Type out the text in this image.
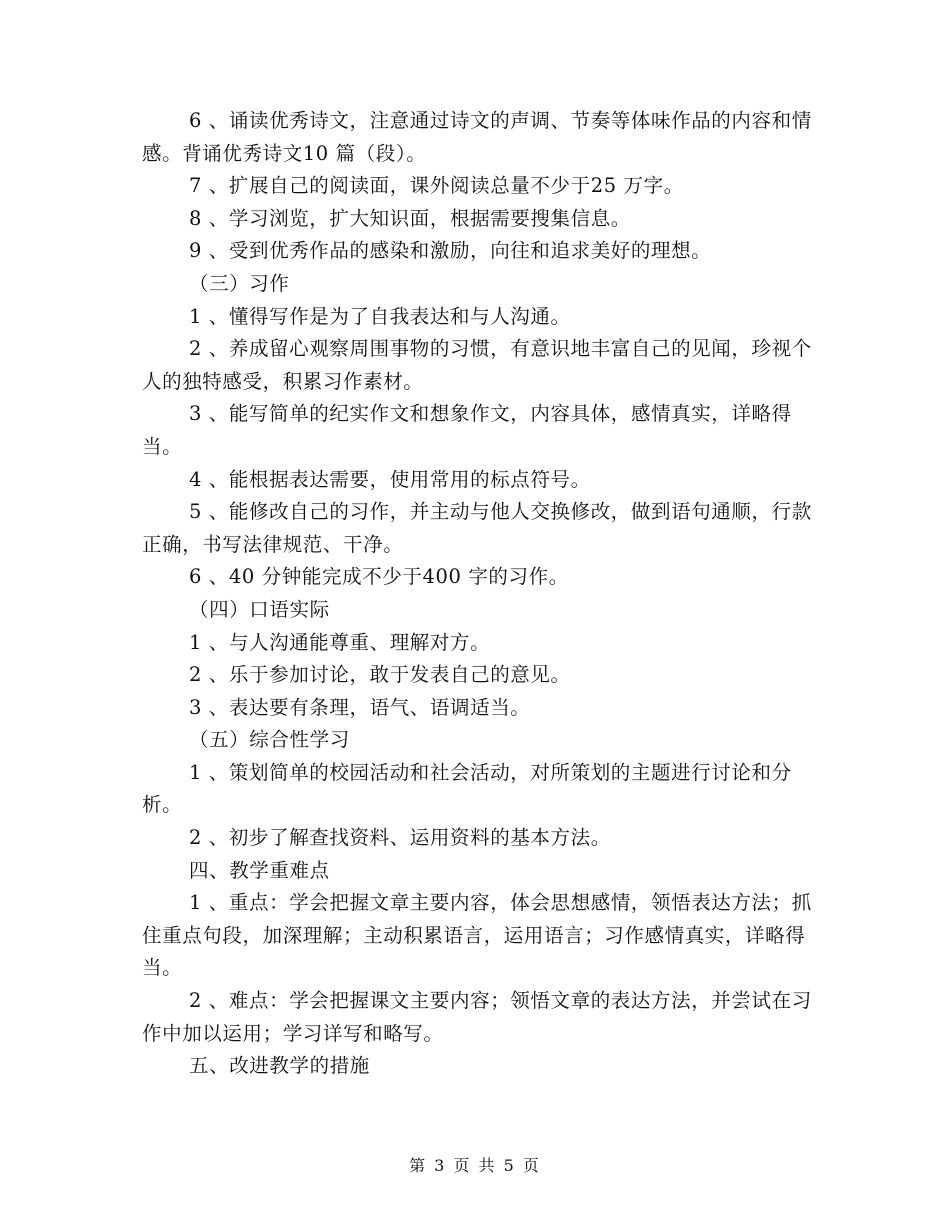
6 、诵读优秀诗文，注意通过诗文的声调、节奏等体味作品的内容和情感。背诵优秀诗文10 篇（段）。

7 、扩展自己的阅读面，课外阅读总量不少于25 万字。

8 、学习浏览，扩大知识面，根据需要搜集信息。

9 、受到优秀作品的感染和激励，向往和追求美好的理想。

（三）习作

1 、懂得写作是为了自我表达和与人沟通。

2 、养成留心观察周围事物的习惯，有意识地丰富自己的见闻，珍视个人的独特感受，积累习作素材。

3 、能写简单的纪实作文和想象作文，内容具体，感情真实，详略得当。

4 、能根据表达需要，使用常用的标点符号。

5 、能修改自己的习作，并主动与他人交换修改，做到语句通顺，行款正确，书写法律规范、干净。

6 、40 分钟能完成不少于400 字的习作。

（四）口语实际

1 、与人沟通能尊重、理解对方。

2 、乐于参加讨论，敢于发表自己的意见。

3 、表达要有条理，语气、语调适当。

（五）综合性学习

1 、策划简单的校园活动和社会活动，对所策划的主题进行讨论和分析。

2 、初步了解查找资料、运用资料的基本方法。

四、教学重难点

1 、重点：学会把握文章主要内容，体会思想感情，领悟表达方法；抓住重点句段，加深理解；主动积累语言，运用语言；习作感情真实，详略得当。

2 、难点：学会把握课文主要内容；领悟文章的表达方法，并尝试在习作中加以运用；学习详写和略写。

五、改进教学的措施

第 3 页 共 5 页
